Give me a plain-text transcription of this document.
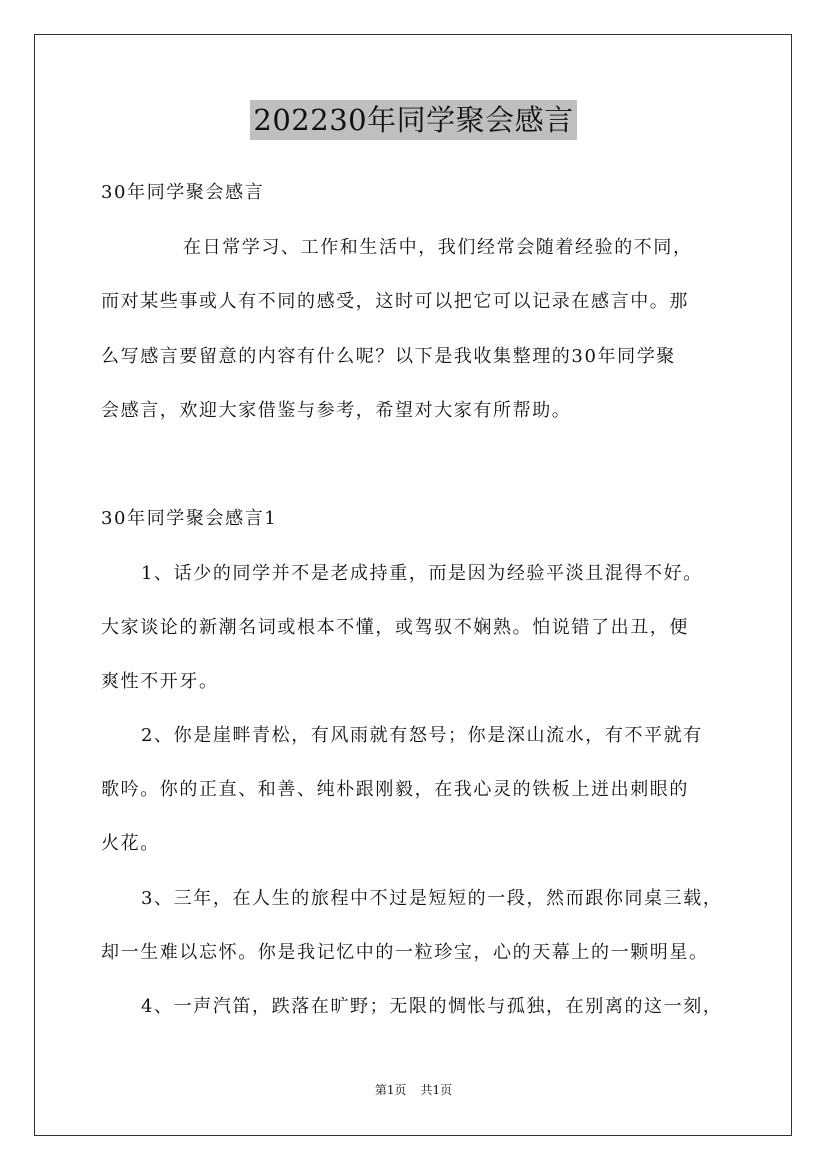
202230年同学聚会感言
30年同学聚会感言
在日常学习、工作和生活中，我们经常会随着经验的不同，
而对某些事或人有不同的感受，这时可以把它可以记录在感言中。那
么写感言要留意的内容有什么呢？以下是我收集整理的30年同学聚
会感言，欢迎大家借鉴与参考，希望对大家有所帮助。
30年同学聚会感言1
1、话少的同学并不是老成持重，而是因为经验平淡且混得不好。
大家谈论的新潮名词或根本不懂，或驾驭不娴熟。怕说错了出丑，便
爽性不开牙。
2、你是崖畔青松，有风雨就有怒号；你是深山流水，有不平就有
歌吟。你的正直、和善、纯朴跟刚毅，在我心灵的铁板上迸出刺眼的
火花。
3、三年，在人生的旅程中不过是短短的一段，然而跟你同桌三载，
却一生难以忘怀。你是我记忆中的一粒珍宝，心的天幕上的一颗明星。
4、一声汽笛，跌落在旷野；无限的惆怅与孤独，在别离的这一刻，
第1页 共1页
